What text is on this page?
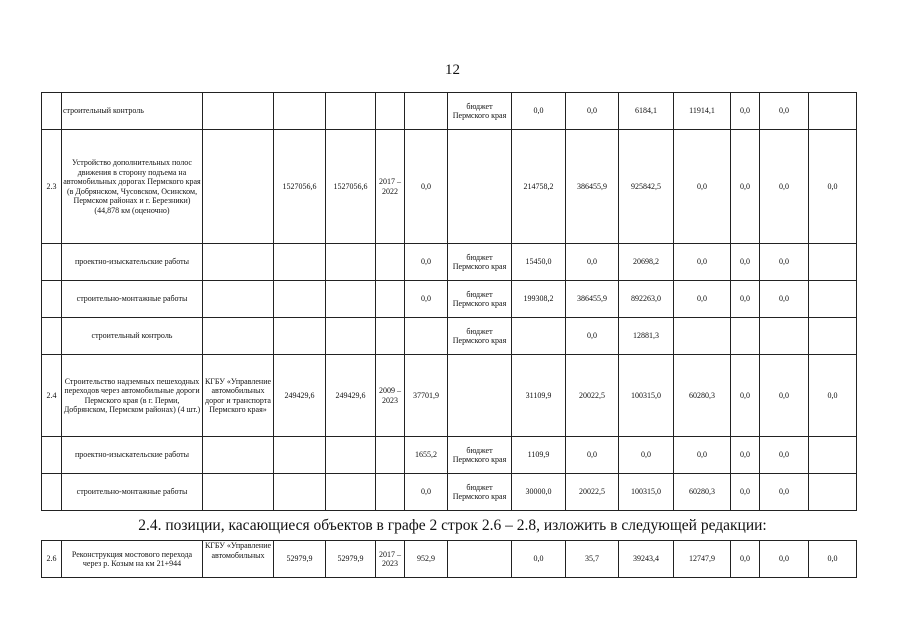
12
	строительный контроль						бюджет Пермского края	0,0	0,0	6184,1	11914,1	0,0	0,0	
2.3	Устройство дополнительных полос движения в сторону подъема на автомобильных дорогах Пермского края (в Добрянском, Чусовском, Осинском, Пермском районах и г. Березники) (44,878 км (оценочно)		1527056,6	1527056,6	2017 – 2022	0,0		214758,2	386455,9	925842,5	0,0	0,0	0,0	0,0
	проектно-изыскательские работы					0,0	бюджет Пермского края	15450,0	0,0	20698,2	0,0	0,0	0,0	
	строительно-монтажные работы					0,0	бюджет Пермского края	199308,2	386455,9	892263,0	0,0	0,0	0,0	
	строительный контроль						бюджет Пермского края		0,0	12881,3				
2.4	Строительство надземных пешеходных переходов через автомобильные дороги Пермского края (в г. Перми, Добрянском, Пермском районах) (4 шт.)	КГБУ «Управление автомобильных дорог и транспорта Пермского края»	249429,6	249429,6	2009 – 2023	37701,9		31109,9	20022,5	100315,0	60280,3	0,0	0,0	0,0
	проектно-изыскательские работы					1655,2	бюджет Пермского края	1109,9	0,0	0,0	0,0	0,0	0,0	
	строительно-монтажные работы					0,0	бюджет Пермского края	30000,0	20022,5	100315,0	60280,3	0,0	0,0	
2.4. позиции, касающиеся объектов в графе 2 строк 2.6 – 2.8, изложить в следующей редакции:
2.6	Реконструкция мостового перехода через р. Козым на км 21+944	КГБУ «Управление автомобильных	52979,9	52979,9	2017 – 2023	952,9		0,0	35,7	39243,4	12747,9	0,0	0,0	0,0
